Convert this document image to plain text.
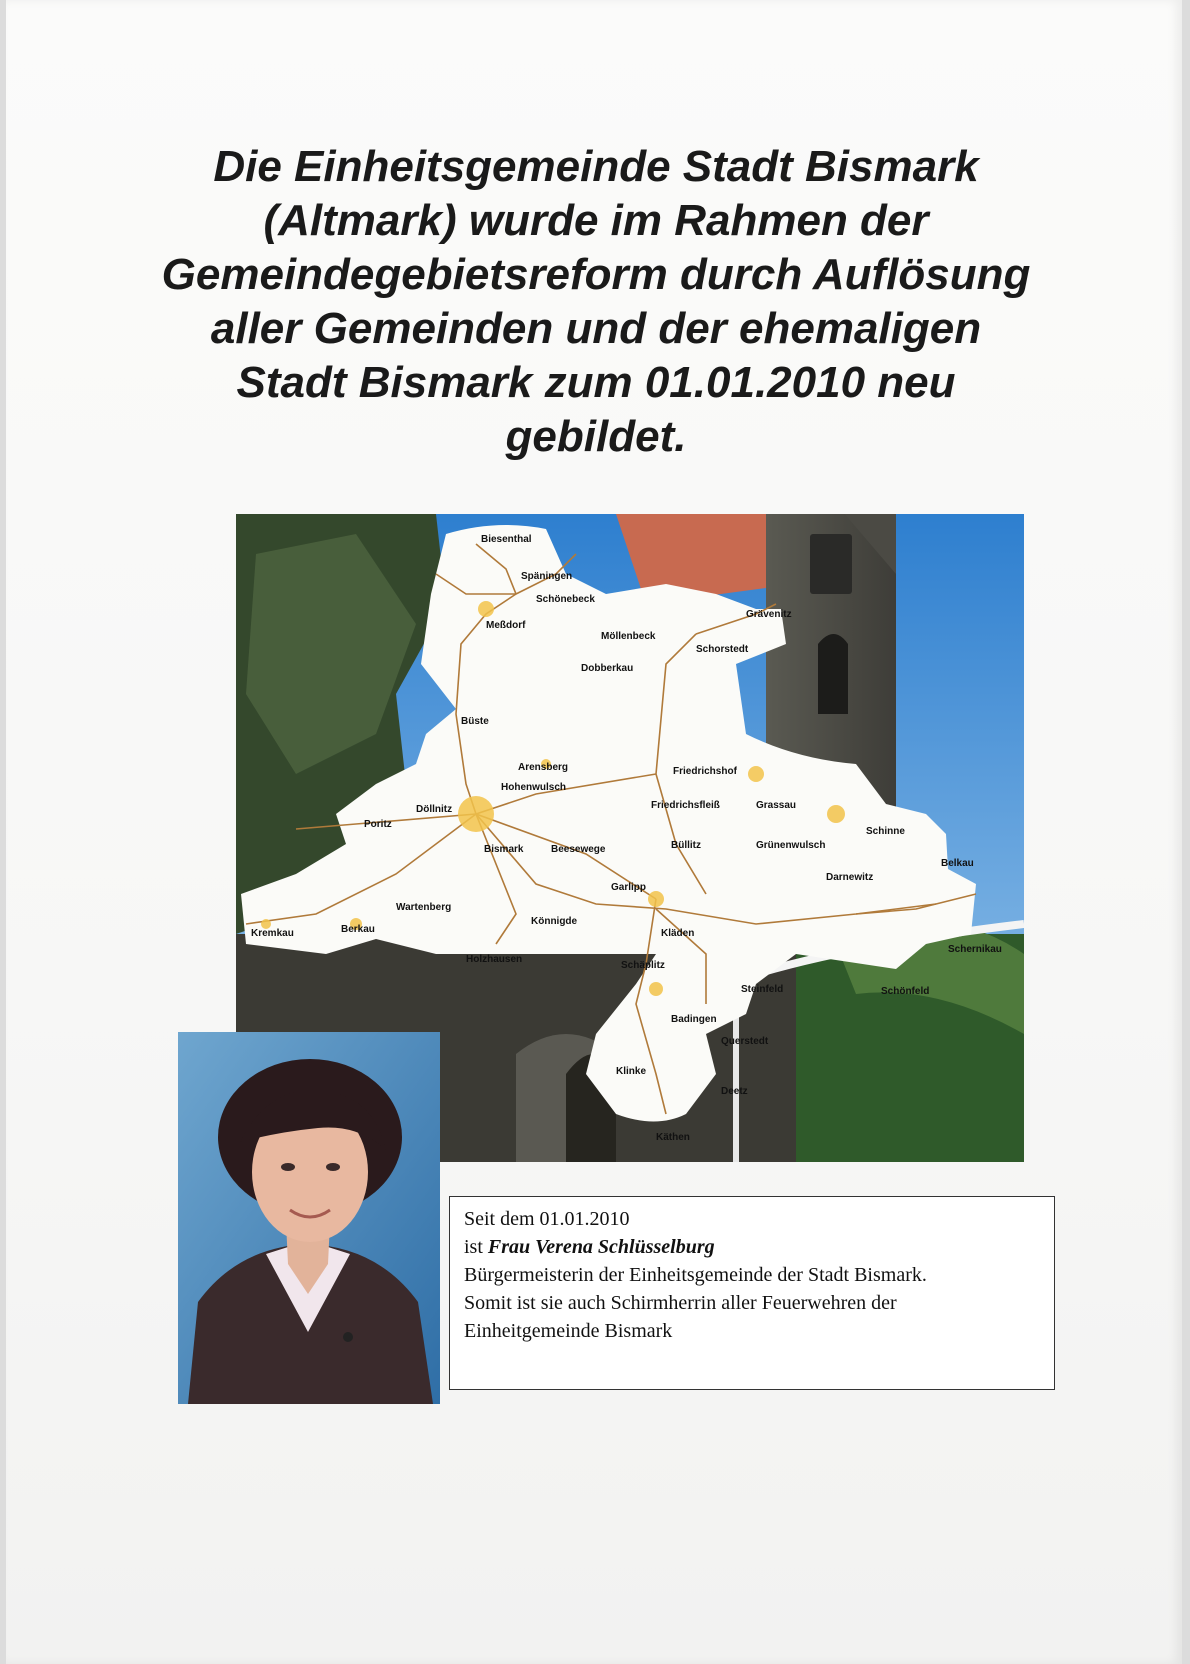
Die Einheitsgemeinde Stadt Bismark (Altmark) wurde im Rahmen der Gemeindegebietsreform durch Auflösung aller Gemeinden und der ehemaligen Stadt Bismark zum 01.01.2010 neu gebildet.
Biesenthal
Späningen
Schönebeck
Meßdorf
Grävenitz
Möllenbeck
Schorstedt
Dobberkau
Büste
Arensberg	Friedrichshof
Hohenwulsch
Döllnitz
Poritz
Friedrichsfleiß	Grassau
Schinne
Bismark	Beesewege	Büllitz	Grünenwulsch
Belkau
Darnewitz
Garlipp
Wartenberg
Kremkau	Berkau
Könnigde
Kläden
Schernikau
Holzhausen
Schäplitz
Steinfeld	Schönfeld
Badingen
Querstedt
Klinke
Deetz
Käthen
Seit dem 01.01.2010
ist Frau Verena Schlüsselburg
Bürgermeisterin der Einheitsgemeinde der Stadt Bismark.
Somit ist sie auch Schirmherrin aller Feuerwehren der
Einheitgemeinde Bismark
